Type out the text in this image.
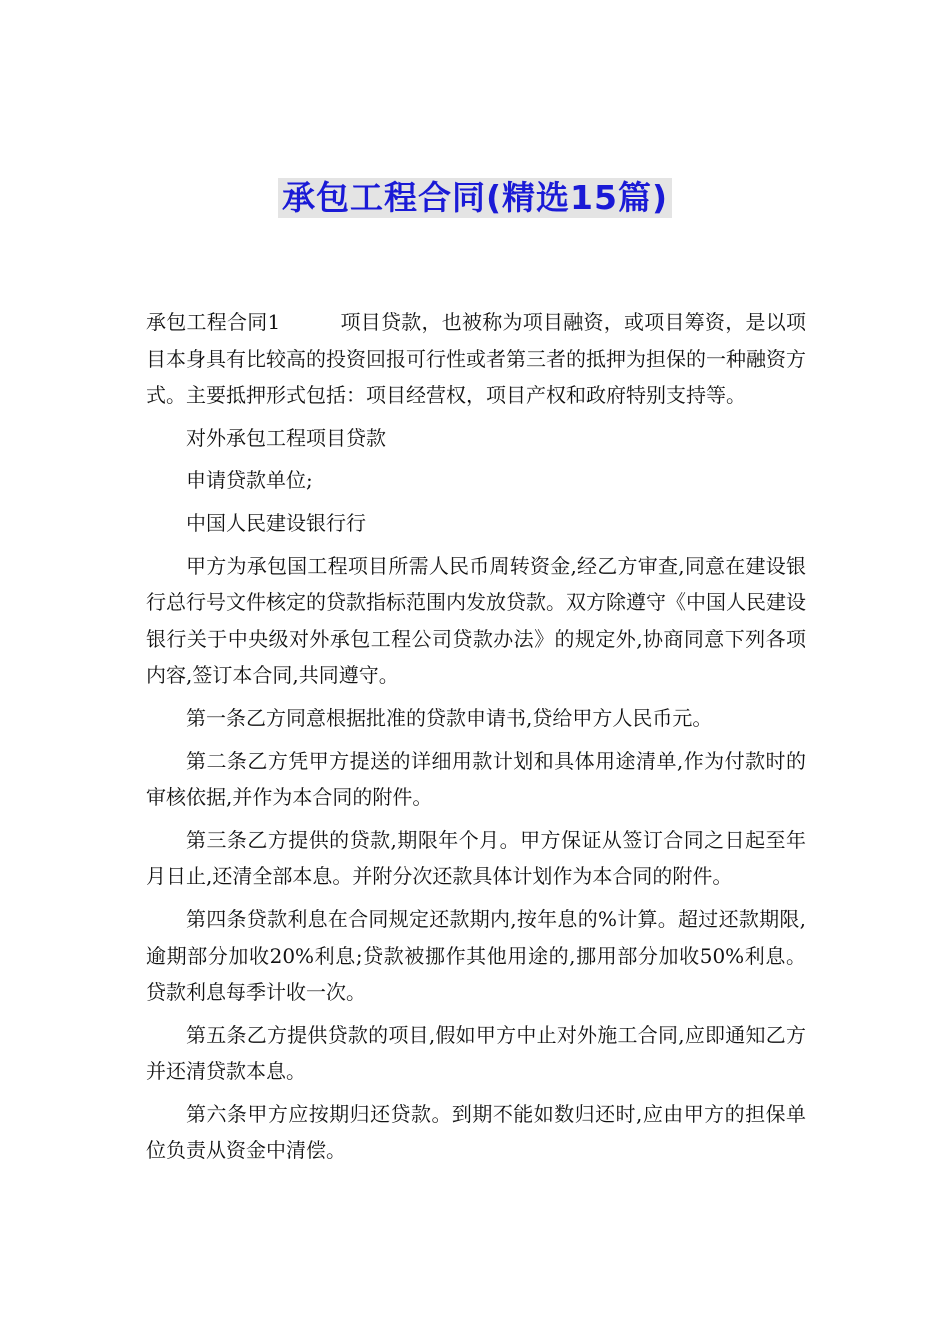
承包工程合同(精选15篇)

承包工程合同1	项目贷款，也被称为项目融资，或项目筹资，是以项目本身具有比较高的投资回报可行性或者第三者的抵押为担保的一种融资方式。主要抵押形式包括：项目经营权，项目产权和政府特别支持等。

对外承包工程项目贷款

申请贷款单位;

中国人民建设银行行

甲方为承包国工程项目所需人民币周转资金,经乙方审查,同意在建设银行总行号文件核定的贷款指标范围内发放贷款。双方除遵守《中国人民建设银行关于中央级对外承包工程公司贷款办法》的规定外,协商同意下列各项内容,签订本合同,共同遵守。

第一条乙方同意根据批准的贷款申请书,贷给甲方人民币元。

第二条乙方凭甲方提送的详细用款计划和具体用途清单,作为付款时的审核依据,并作为本合同的附件。

第三条乙方提供的贷款,期限年个月。甲方保证从签订合同之日起至年月日止,还清全部本息。并附分次还款具体计划作为本合同的附件。

第四条贷款利息在合同规定还款期内,按年息的%计算。超过还款期限,逾期部分加收20%利息;贷款被挪作其他用途的,挪用部分加收50%利息。贷款利息每季计收一次。

第五条乙方提供贷款的项目,假如甲方中止对外施工合同,应即通知乙方并还清贷款本息。

第六条甲方应按期归还贷款。到期不能如数归还时,应由甲方的担保单位负责从资金中清偿。
